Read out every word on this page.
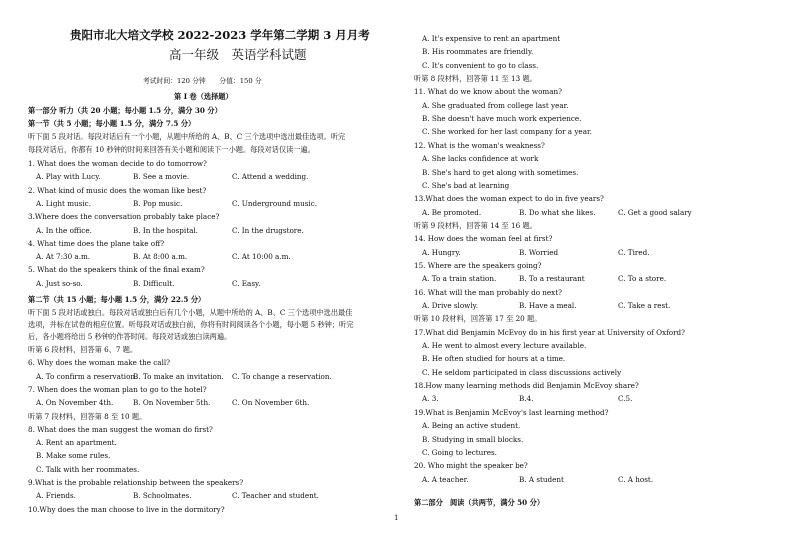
贵阳市北大培文学校 2022-2023 学年第二学期 3 月月考
高一年级　英语学科试题
考试时间：120 分钟　　分值：150 分
第 I 卷（选择题）
第一部分 听力（共 20 小题；每小题 1.5 分，满分 30 分）
第一节（共 5 小题；每小题 1.5 分，满分 7.5 分）
听下面 5 段对话。每段对话后有一个小题，从题中所给的 A、B、C 三个选项中选出最佳选项。听完
每段对话后，你都有 10 秒钟的时间来回答有关小题和阅读下一小题。每段对话仅读一遍。
1. What does the woman decide to do tomorrow?
A. Play with Lucy.	B. See a movie.	C. Attend a wedding.
2. What kind of music does the woman like best?
A. Light music.	B. Pop music.	C. Underground music.
3.Where does the conversation probably take place?
A. In the office.	B. In the hospital.	C. In the drugstore.
4. What time does the plane take off?
A. At 7:30 a.m.	B. At 8:00 a.m.	C. At 10:00 a.m.
5. What do the speakers think of the final exam?
A. Just so-so.	B. Difficult.	C. Easy.
听第 6 段材料，回答第 6、7 题。
6. Why does the woman make the call?
A. To confirm a reservation.
B. To make an invitation. C. To change a reservation.
7. When does the woman plan to go to the hotel?
A. On November 4th.	B. On November 5th.	C. On November 6th.
听第 7 段材料，回答第 8 至 10 题。
8. What does the man suggest the woman do first?
A. Rent an apartment.
B. Make some rules.
C. Talk with her roommates.
9.What is the probable relationship between the speakers?
A. Friends.	B. Schoolmates.	C. Teacher and student.
10.Why does the man choose to live in the dormitory?
第二节（共 15 小题；每小题 1.5 分，满分 22.5 分）
听下面 5 段对话或独白。每段对话或独白后有几个小题，从题中所给的 A、B、C 三个选项中选出最佳
选项，并标在试卷的相应位置。听每段对话或独白前，你将有时间阅读各个小题，每小题 5 秒钟；听完
后，各小题将给出 5 秒钟的作答时间。每段对话或独白读两遍。
A. It's expensive to rent an apartment
B. His roommates are friendly.
C. It's convenient to go to class.
听第 8 段材料，回答第 11 至 13 题。
11. What do we know about the woman?
A. She graduated from college last year.
B. She doesn't have much work experience.
C. She worked for her last company for a year.
12. What is the woman's weakness?
A. She lacks confidence at work
B. She's hard to get along with sometimes.
C. She's bad at learning
13.What does the woman expect to do in five years?
A. Be promoted.	B. Do what she likes.	C. Get a good salary
听第 9 段材料，回答第 14 至 16 题。
14. How does the woman feel at first?
A. Hungry.	B. Worried	C. Tired.
15. Where are the speakers going?
A. To a train station.	B. To a restaurant	C. To a store.
16. What will the man probably do next?
A. Drive slowly.	B. Have a meal.	C. Take a rest.
听第 10 段材料，回答第 17 至 20 题。
17.What did Benjamin McEvoy do in his first year at University of Oxford?
A. He went to almost every lecture available.
B. He often studied for hours at a time.
C. He seldom participated in class discussions actively
18.How many learning methods did Benjamin McEvoy share?
A. 3.	B.4.	C.5.
19.What is Benjamin McEvoy's last learning method?
A. Being an active student.
B. Studying in small blocks.
C. Going to lectures.
20. Who might the speaker be?
A. A teacher.	B. A student	C. A host.
第二部分　阅读（共两节，满分 50 分）
1
